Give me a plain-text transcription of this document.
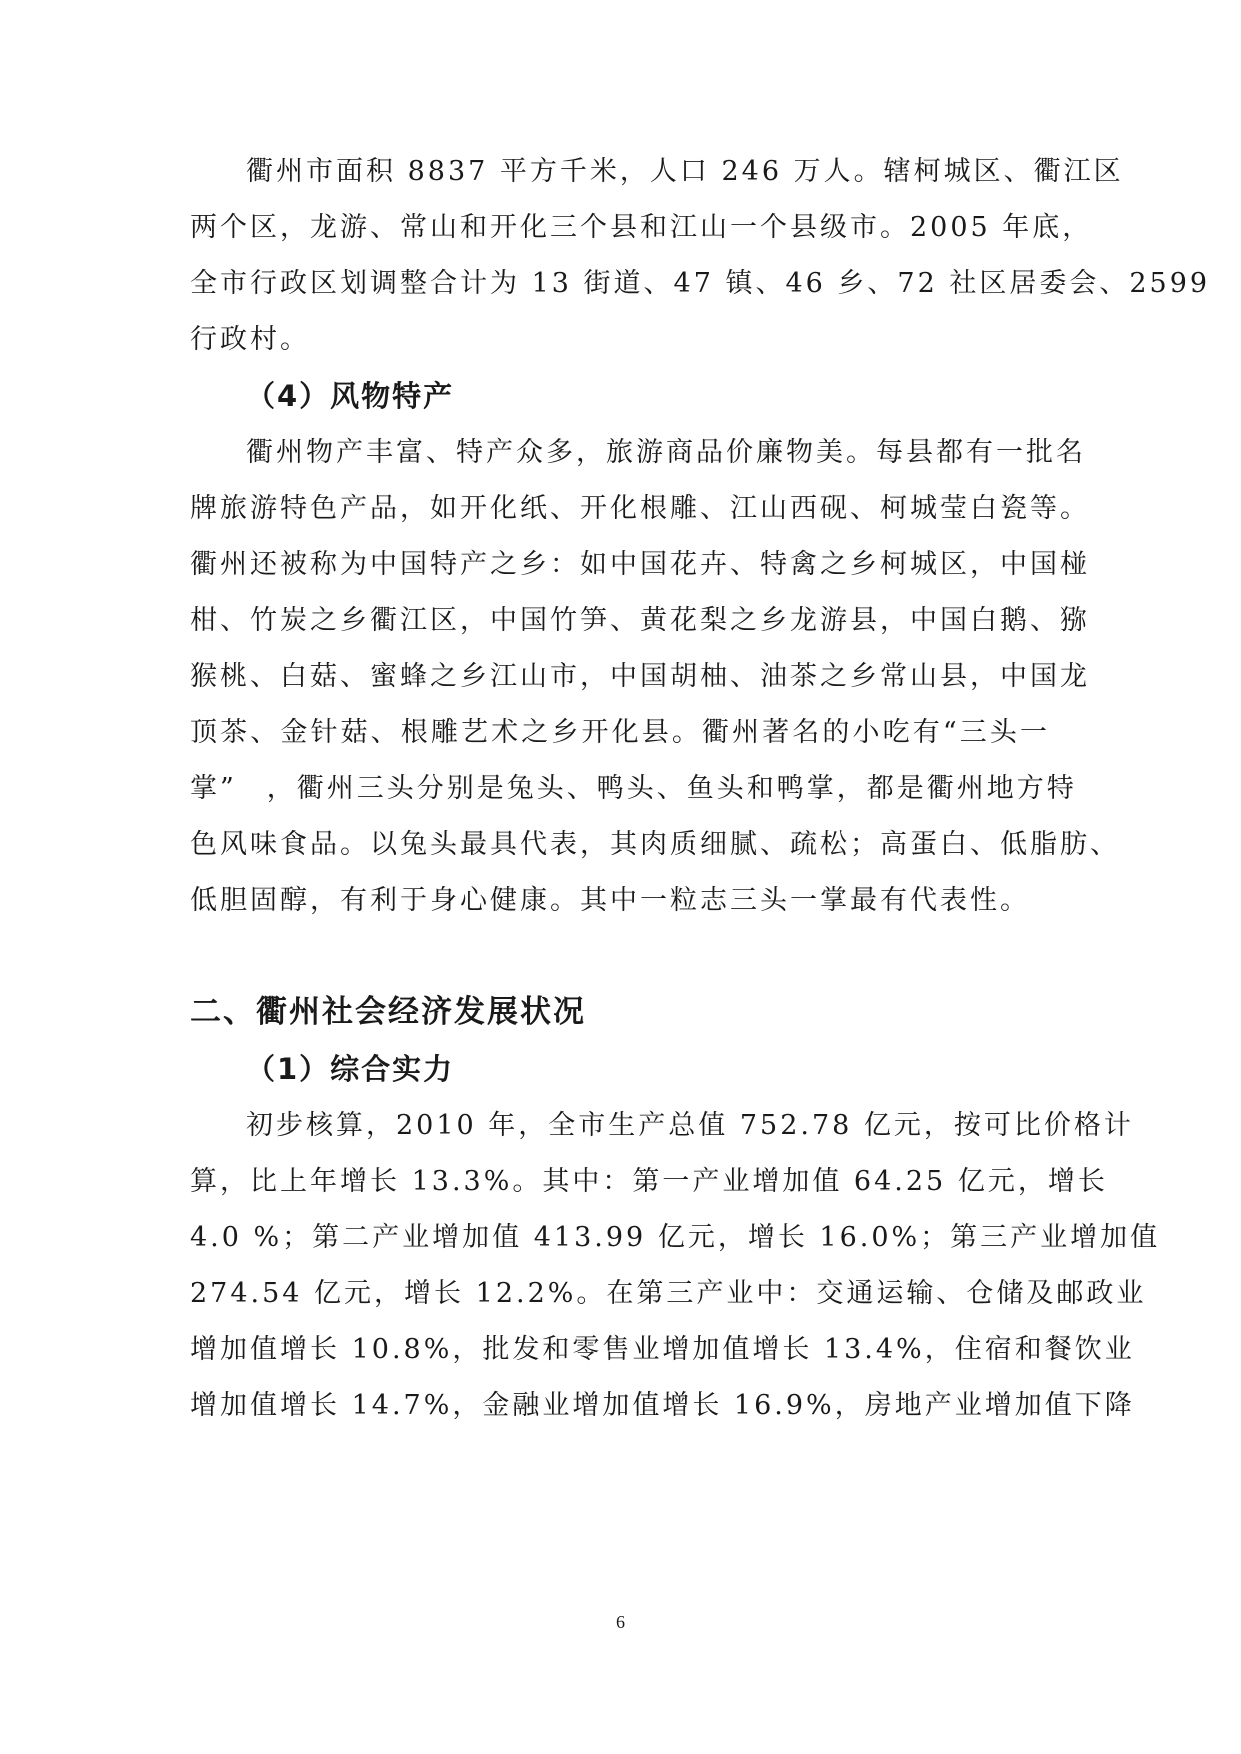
衢州市面积 8837 平方千米，人口 246 万人。辖柯城区、衢江区
两个区，龙游、常山和开化三个县和江山一个县级市。2005 年底，
全市行政区划调整合计为 13 街道、47 镇、46 乡、72 社区居委会、2599
行政村。
（4）风物特产
衢州物产丰富、特产众多，旅游商品价廉物美。每县都有一批名
牌旅游特色产品，如开化纸、开化根雕、江山西砚、柯城莹白瓷等。
衢州还被称为中国特产之乡：如中国花卉、特禽之乡柯城区，中国椪
柑、竹炭之乡衢江区，中国竹笋、黄花梨之乡龙游县，中国白鹅、猕
猴桃、白菇、蜜蜂之乡江山市，中国胡柚、油茶之乡常山县，中国龙
顶茶、金针菇、根雕艺术之乡开化县。衢州著名的小吃有“三头一
掌”　，衢州三头分别是兔头、鸭头、鱼头和鸭掌，都是衢州地方特
色风味食品。以兔头最具代表，其肉质细腻、疏松；高蛋白、低脂肪、
低胆固醇，有利于身心健康。其中一粒志三头一掌最有代表性。
二、衢州社会经济发展状况
（1）综合实力
初步核算，2010 年，全市生产总值 752.78 亿元，按可比价格计
算，比上年增长 13.3%。其中：第一产业增加值 64.25 亿元，增长
4.0 %；第二产业增加值 413.99 亿元，增长 16.0%；第三产业增加值
274.54 亿元，增长 12.2%。在第三产业中：交通运输、仓储及邮政业
增加值增长 10.8%，批发和零售业增加值增长 13.4%，住宿和餐饮业
增加值增长 14.7%，金融业增加值增长 16.9%，房地产业增加值下降
6
